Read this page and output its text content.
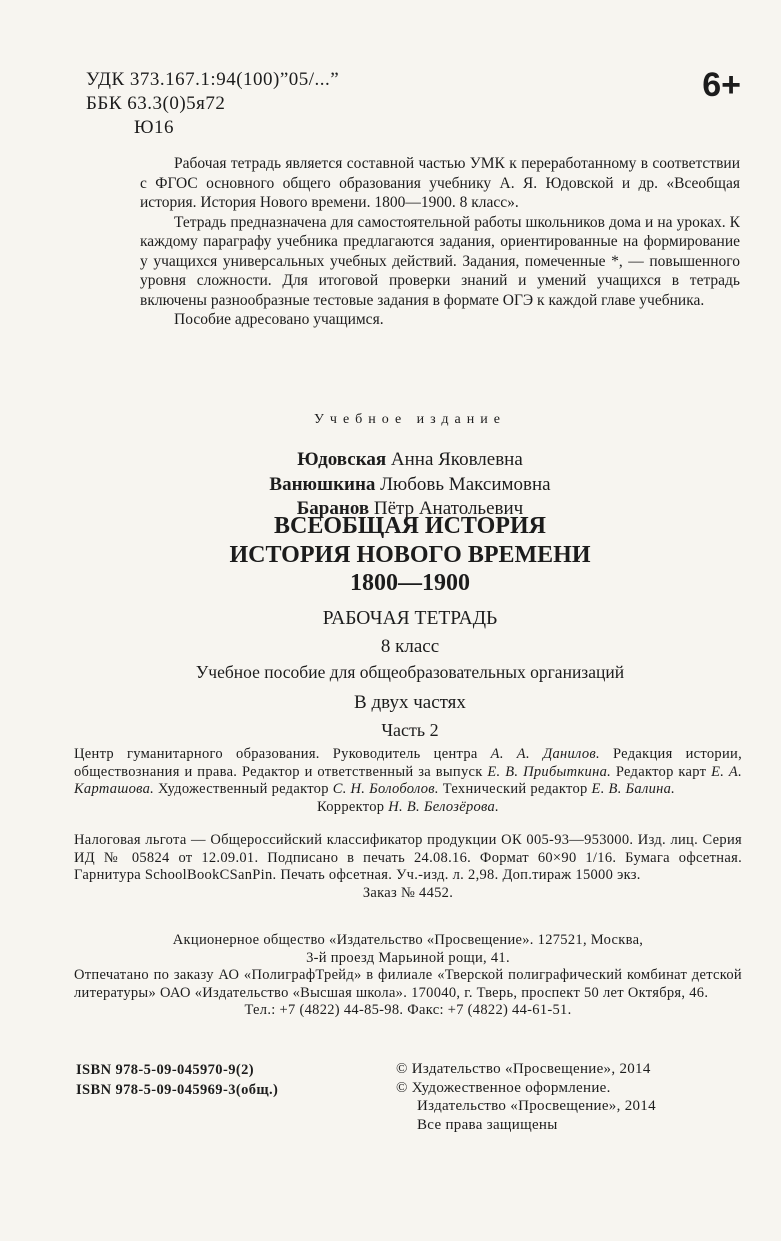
УДК 373.167.1:94(100)”05/...”
ББК 63.3(0)5я72
Ю16
6+

Рабочая тетрадь является составной частью УМК к переработанному в соответствии с ФГОС основного общего образования учебнику А. Я. Юдовской и др. «Всеобщая история. История Нового времени. 1800—1900. 8 класс».

Тетрадь предназначена для самостоятельной работы школьников дома и на уроках. К каждому параграфу учебника предлагаются задания, ориентированные на формирование у учащихся универсальных учебных действий. Задания, помеченные *, — повышенного уровня сложности. Для итоговой проверки знаний и умений учащихся в тетрадь включены разнообразные тестовые задания в формате ОГЭ к каждой главе учебника.

Пособие адресовано учащимся.

Учебное издание
Юдовская Анна Яковлевна
Ванюшкина Любовь Максимовна
Баранов Пётр Анатольевич
ВСЕОБЩАЯ ИСТОРИЯ
ИСТОРИЯ НОВОГО ВРЕМЕНИ
1800—1900
РАБОЧАЯ ТЕТРАДЬ
8 класс
Учебное пособие для общеобразовательных организаций
В двух частях
Часть 2
Центр гуманитарного образования. Руководитель центра А. А. Данилов. Редакция истории, обществознания и права. Редактор и ответственный за выпуск Е. В. Прибыткина. Редактор карт Е. А. Карташова. Художественный редактор С. Н. Болоболов. Технический редактор Е. В. Балина.
Корректор Н. В. Белозёрова.
Налоговая льгота — Общероссийский классификатор продукции ОК 005-93—953000. Изд. лиц. Серия ИД № 05824 от 12.09.01. Подписано в печать 24.08.16. Формат 60×90 1/16. Бумага офсетная. Гарнитура SchoolBookCSanPin. Печать офсетная. Уч.-изд. л. 2,98. Доп.тираж 15000 экз.
Заказ № 4452.
Акционерное общество «Издательство «Просвещение». 127521, Москва,
3-й проезд Марьиной рощи, 41.
Отпечатано по заказу АО «ПолиграфТрейд» в филиале «Тверской полиграфический комбинат детской литературы» ОАО «Издательство «Высшая школа». 170040, г. Тверь, проспект 50 лет Октября, 46.
Тел.: +7 (4822) 44-85-98. Факс: +7 (4822) 44-61-51.
ISBN 978-5-09-045970-9(2)
ISBN 978-5-09-045969-3(общ.)
© Издательство «Просвещение», 2014
© Художественное оформление.
Издательство «Просвещение», 2014
Все права защищены
